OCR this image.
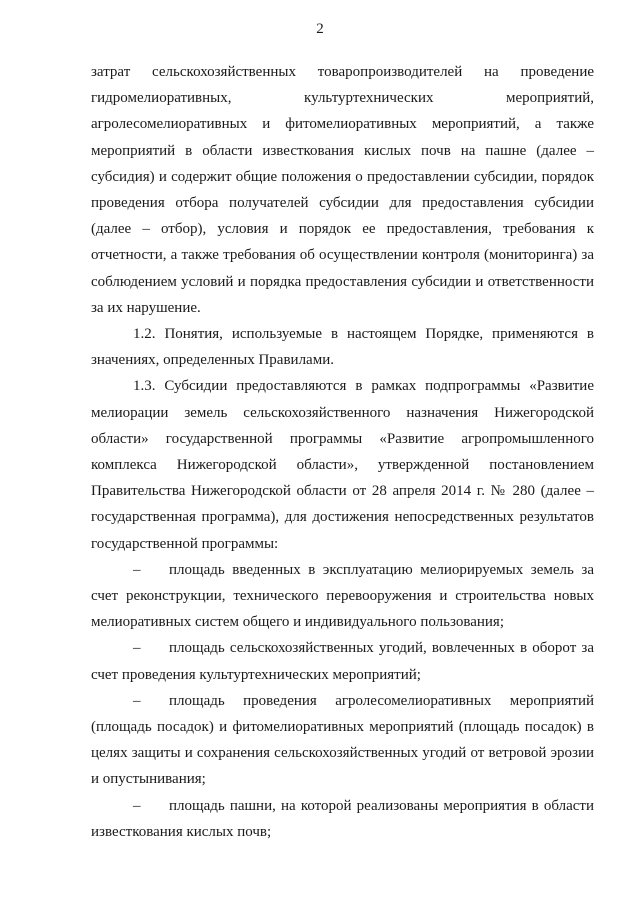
2

затрат сельскохозяйственных товаропроизводителей на проведение гидромелиоративных, культуртехнических мероприятий, агролесомелиоративных и фитомелиоративных мероприятий, а также мероприятий в области известкования кислых почв на пашне (далее – субсидия) и содержит общие положения о предоставлении субсидии, порядок проведения отбора получателей субсидии для предоставления субсидии (далее – отбор), условия и порядок ее предоставления, требования к отчетности, а также требования об осуществлении контроля (мониторинга) за соблюдением условий и порядка предоставления субсидии и ответственности за их нарушение.

1.2. Понятия, используемые в настоящем Порядке, применяются в значениях, определенных Правилами.

1.3. Субсидии предоставляются в рамках подпрограммы «Развитие мелиорации земель сельскохозяйственного назначения Нижегородской области» государственной программы «Развитие агропромышленного комплекса Нижегородской области», утвержденной постановлением Правительства Нижегородской области от 28 апреля 2014 г. № 280 (далее – государственная программа), для достижения непосредственных результатов государственной программы:

– площадь введенных в эксплуатацию мелиорируемых земель за счет реконструкции, технического перевооружения и строительства новых мелиоративных систем общего и индивидуального пользования;

– площадь сельскохозяйственных угодий, вовлеченных в оборот за счет проведения культуртехнических мероприятий;

– площадь проведения агролесомелиоративных мероприятий (площадь посадок) и фитомелиоративных мероприятий (площадь посадок) в целях защиты и сохранения сельскохозяйственных угодий от ветровой эрозии и опустынивания;

– площадь пашни, на которой реализованы мероприятия в области известкования кислых почв;
